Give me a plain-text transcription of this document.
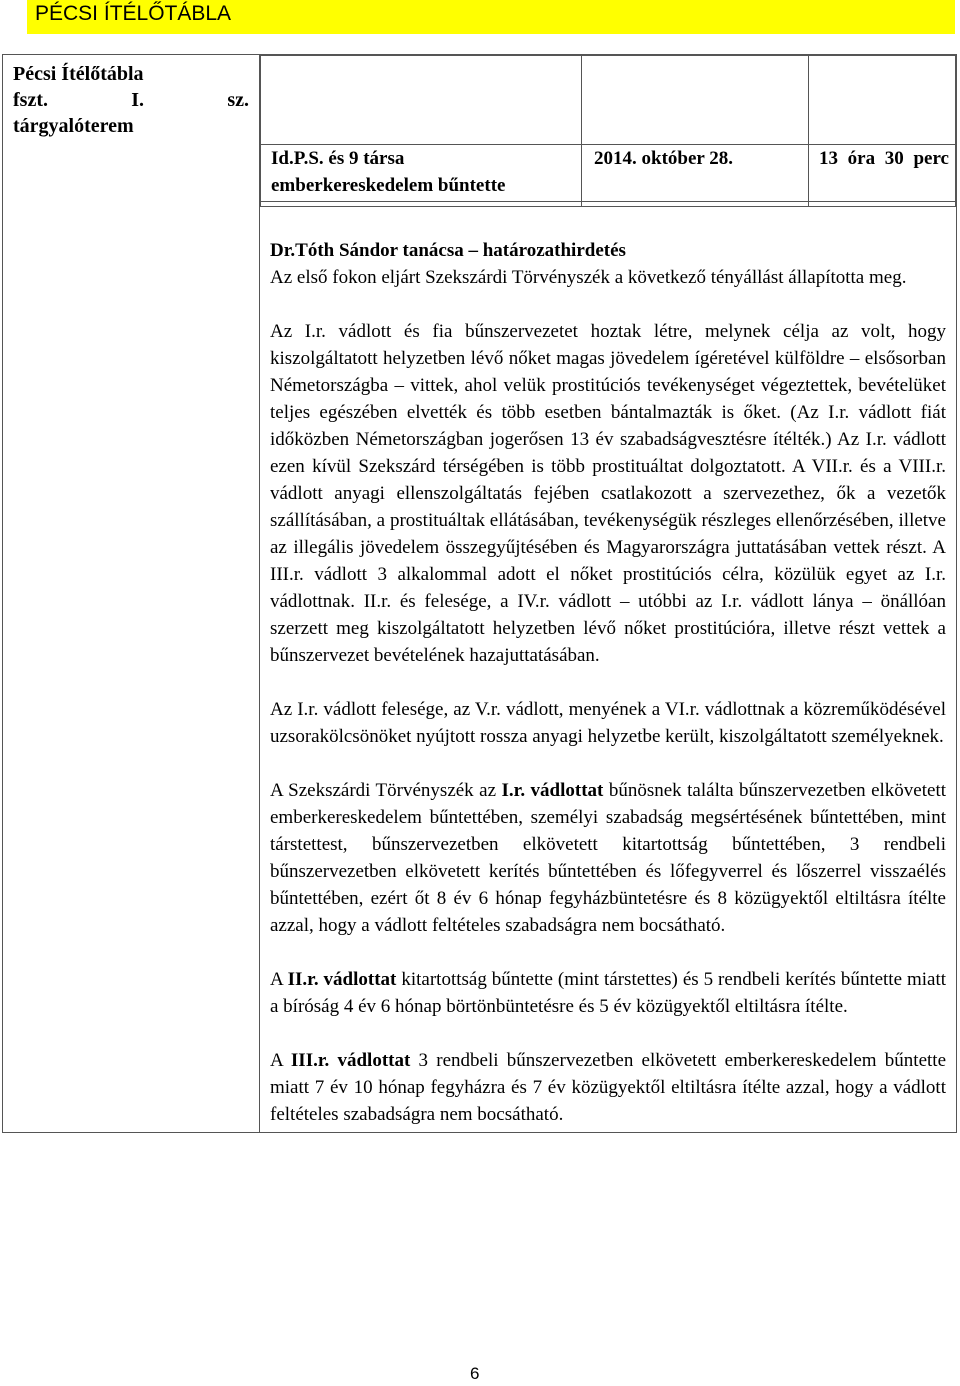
PÉCSI ÍTÉLŐTÁBLA
Pécsi Ítélőtábla
fszt.	I.	sz.
tárgyalóterem

Id.P.S. és 9 társa
emberkereskedelem bűntette
	2014. október 28.	13 óra 30 perc

Dr.Tóth Sándor tanácsa – határozathirdetés

Az első fokon eljárt Szekszárdi Törvényszék a következő tényállást állapította meg.

Az I.r. vádlott és fia bűnszervezetet hoztak létre, melynek célja az volt, hogy kiszolgáltatott helyzetben lévő nőket magas jövedelem ígéretével külföldre – elsősorban Németországba – vittek, ahol velük prostitúciós tevékenységet végeztettek, bevételüket teljes egészében elvették és több esetben bántalmazták is őket. (Az I.r. vádlott fiát időközben Németországban jogerősen 13 év szabadságvesztésre ítélték.) Az I.r. vádlott ezen kívül Szekszárd térségében is több prostituáltat dolgoztatott. A VII.r. és a VIII.r. vádlott anyagi ellenszolgáltatás fejében csatlakozott a szervezethez, ők a vezetők szállításában, a prostituáltak ellátásában, tevékenységük részleges ellenőrzésében, illetve az illegális jövedelem összegyűjtésében és Magyarországra juttatásában vettek részt. A III.r. vádlott 3 alkalommal adott el nőket prostitúciós célra, közülük egyet az I.r. vádlottnak. II.r. és felesége, a IV.r. vádlott – utóbbi az I.r. vádlott lánya – önállóan szerzett meg kiszolgáltatott helyzetben lévő nőket prostitúcióra, illetve részt vettek a bűnszervezet bevételének hazajuttatásában.

Az I.r. vádlott felesége, az V.r. vádlott, menyének a VI.r. vádlottnak a közreműködésével uzsorakölcsönöket nyújtott rossza anyagi helyzetbe került, kiszolgáltatott személyeknek.

A Szekszárdi Törvényszék az I.r. vádlottat bűnösnek találta bűnszervezetben elkövetett emberkereskedelem bűntettében, személyi szabadság megsértésének bűntettében, mint társtettest, bűnszervezetben elkövetett kitartottság bűntettében, 3 rendbeli bűnszervezetben elkövetett kerítés bűntettében és lőfegyverrel és lőszerrel visszaélés bűntettében, ezért őt 8 év 6 hónap fegyházbüntetésre és 8 közügyektől eltiltásra ítélte azzal, hogy a vádlott feltételes szabadságra nem bocsátható.

A II.r. vádlottat kitartottság bűntette (mint társtettes) és 5 rendbeli kerítés bűntette miatt a bíróság 4 év 6 hónap börtönbüntetésre és 5 év közügyektől eltiltásra ítélte.

A III.r. vádlottat 3 rendbeli bűnszervezetben elkövetett emberkereskedelem bűntette miatt 7 év 10 hónap fegyházra és 7 év közügyektől eltiltásra ítélte azzal, hogy a vádlott feltételes szabadságra nem bocsátható.

6
